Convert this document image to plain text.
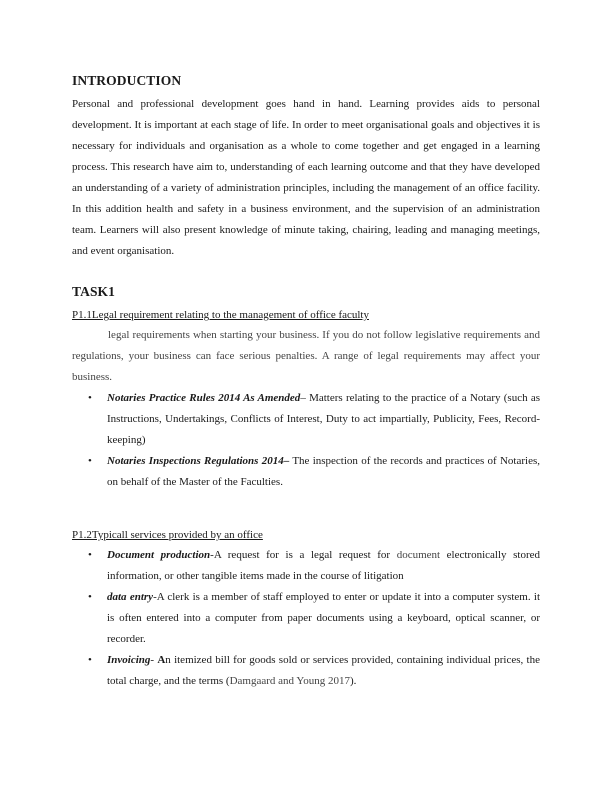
INTRODUCTION

Personal and professional development goes hand in hand. Learning provides aids to personal development. It is important at each stage of life. In order to meet organisational goals and objectives it is necessary for individuals and organisation as a whole to come together and get engaged in a learning process. This research have aim to, understanding of each learning outcome and that they have developed an understanding of a variety of administration principles, including the management of an office facility. In this addition health and safety in a business environment, and the supervision of an administration team. Learners will also present knowledge of minute taking, chairing, leading and managing meetings, and event organisation.

TASK1

P1.1Legal requirement relating to the management of office faculty

legal requirements when starting your business. If you do not follow legislative requirements and regulations, your business can face serious penalties. A range of legal requirements may affect your business.

• Notaries Practice Rules 2014 As Amended– Matters relating to the practice of a Notary (such as Instructions, Undertakings, Conflicts of Interest, Duty to act impartially, Publicity, Fees, Record-keeping)
• Notaries Inspections Regulations 2014– The inspection of the records and practices of Notaries, on behalf of the Master of the Faculties.

P1.2Typicall services provided by an office

• Document production-A request for is a legal request for document electronically stored information, or other tangible items made in the course of litigation
• data entry-A clerk is a member of staff employed to enter or update it into a computer system. it is often entered into a computer from paper documents using a keyboard, optical scanner, or recorder.
• Invoicing- An itemized bill for goods sold or services provided, containing individual prices, the total charge, and the terms (Damgaard and Young 2017).
